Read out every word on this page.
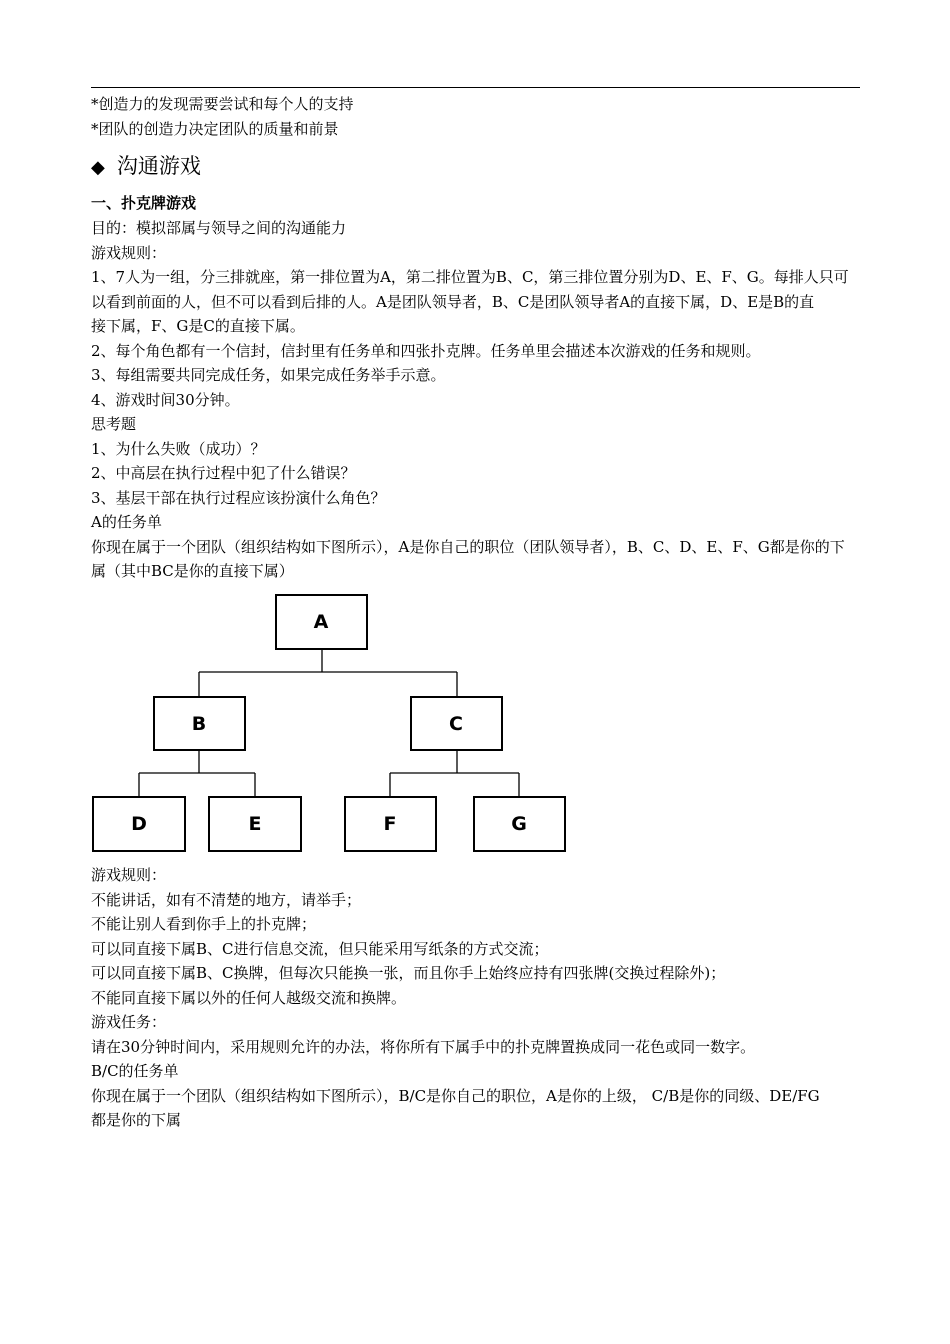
*创造力的发现需要尝试和每个人的支持
*团队的创造力决定团队的质量和前景
◆ 沟通游戏
一、扑克牌游戏
目的：模拟部属与领导之间的沟通能力
游戏规则：
1、7人为一组，分三排就座，第一排位置为A，第二排位置为B、C，第三排位置分别为D、E、F、G。每排人只可
以看到前面的人，但不可以看到后排的人。A是团队领导者，B、C是团队领导者A的直接下属，D、E是B的直
接下属，F、G是C的直接下属。
2、每个角色都有一个信封，信封里有任务单和四张扑克牌。任务单里会描述本次游戏的任务和规则。
3、每组需要共同完成任务，如果完成任务举手示意。
4、游戏时间30分钟。
思考题
1、为什么失败（成功）？
2、中高层在执行过程中犯了什么错误？
3、基层干部在执行过程应该扮演什么角色？
A的任务单
你现在属于一个团队（组织结构如下图所示），A是你自己的职位（团队领导者），B、C、D、E、F、G都是你的下
属（其中BC是你的直接下属）
A
B	C
D	E	F	G
游戏规则：
不能讲话，如有不清楚的地方，请举手；
不能让别人看到你手上的扑克牌；
可以同直接下属B、C进行信息交流，但只能采用写纸条的方式交流；
可以同直接下属B、C换牌，但每次只能换一张，而且你手上始终应持有四张牌(交换过程除外)；
不能同直接下属以外的任何人越级交流和换牌。
游戏任务：
请在30分钟时间内，采用规则允许的办法，将你所有下属手中的扑克牌置换成同一花色或同一数字。
B/C的任务单
你现在属于一个团队（组织结构如下图所示），B/C是你自己的职位，A是你的上级， C/B是你的同级、DE/FG
都是你的下属
